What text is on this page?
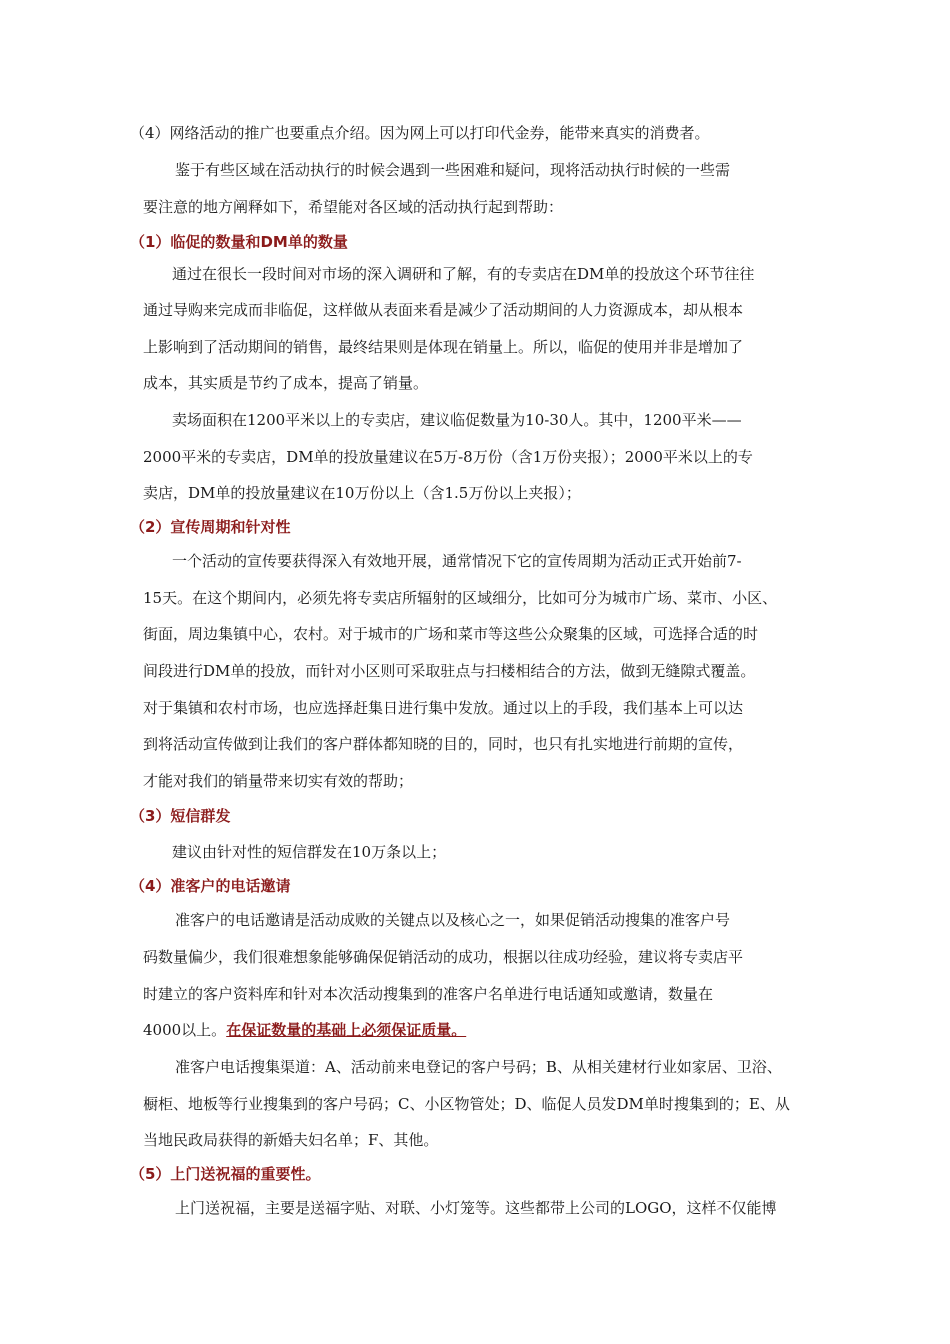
（4）网络活动的推广也要重点介绍。因为网上可以打印代金券，能带来真实的消费者。
鉴于有些区域在活动执行的时候会遇到一些困难和疑问，现将活动执行时候的一些需
要注意的地方阐释如下，希望能对各区域的活动执行起到帮助：
（1）临促的数量和DM单的数量
通过在很长一段时间对市场的深入调研和了解，有的专卖店在DM单的投放这个环节往往
通过导购来完成而非临促，这样做从表面来看是减少了活动期间的人力资源成本，却从根本
上影响到了活动期间的销售，最终结果则是体现在销量上。所以，临促的使用并非是增加了
成本，其实质是节约了成本，提高了销量。
卖场面积在1200平米以上的专卖店，建议临促数量为10-30人。其中，1200平米——
2000平米的专卖店，DM单的投放量建议在5万-8万份（含1万份夹报）；2000平米以上的专
卖店，DM单的投放量建议在10万份以上（含1.5万份以上夹报）；
（2）宣传周期和针对性
一个活动的宣传要获得深入有效地开展，通常情况下它的宣传周期为活动正式开始前7-
15天。在这个期间内，必须先将专卖店所辐射的区域细分，比如可分为城市广场、菜市、小区、
街面，周边集镇中心，农村。对于城市的广场和菜市等这些公众聚集的区域，可选择合适的时
间段进行DM单的投放，而针对小区则可采取驻点与扫楼相结合的方法，做到无缝隙式覆盖。
对于集镇和农村市场，也应选择赶集日进行集中发放。通过以上的手段，我们基本上可以达
到将活动宣传做到让我们的客户群体都知晓的目的，同时，也只有扎实地进行前期的宣传，
才能对我们的销量带来切实有效的帮助；
（3）短信群发
建议由针对性的短信群发在10万条以上；
（4）准客户的电话邀请
准客户的电话邀请是活动成败的关键点以及核心之一，如果促销活动搜集的准客户号
码数量偏少，我们很难想象能够确保促销活动的成功，根据以往成功经验，建议将专卖店平
时建立的客户资料库和针对本次活动搜集到的准客户名单进行电话通知或邀请，数量在
4000以上。在保证数量的基础上必须保证质量。
准客户电话搜集渠道：A、活动前来电登记的客户号码；B、从相关建材行业如家居、卫浴、
橱柜、地板等行业搜集到的客户号码；C、小区物管处；D、临促人员发DM单时搜集到的；E、从
当地民政局获得的新婚夫妇名单；F、其他。
（5）上门送祝福的重要性。
上门送祝福，主要是送福字贴、对联、小灯笼等。这些都带上公司的LOGO，这样不仅能博
